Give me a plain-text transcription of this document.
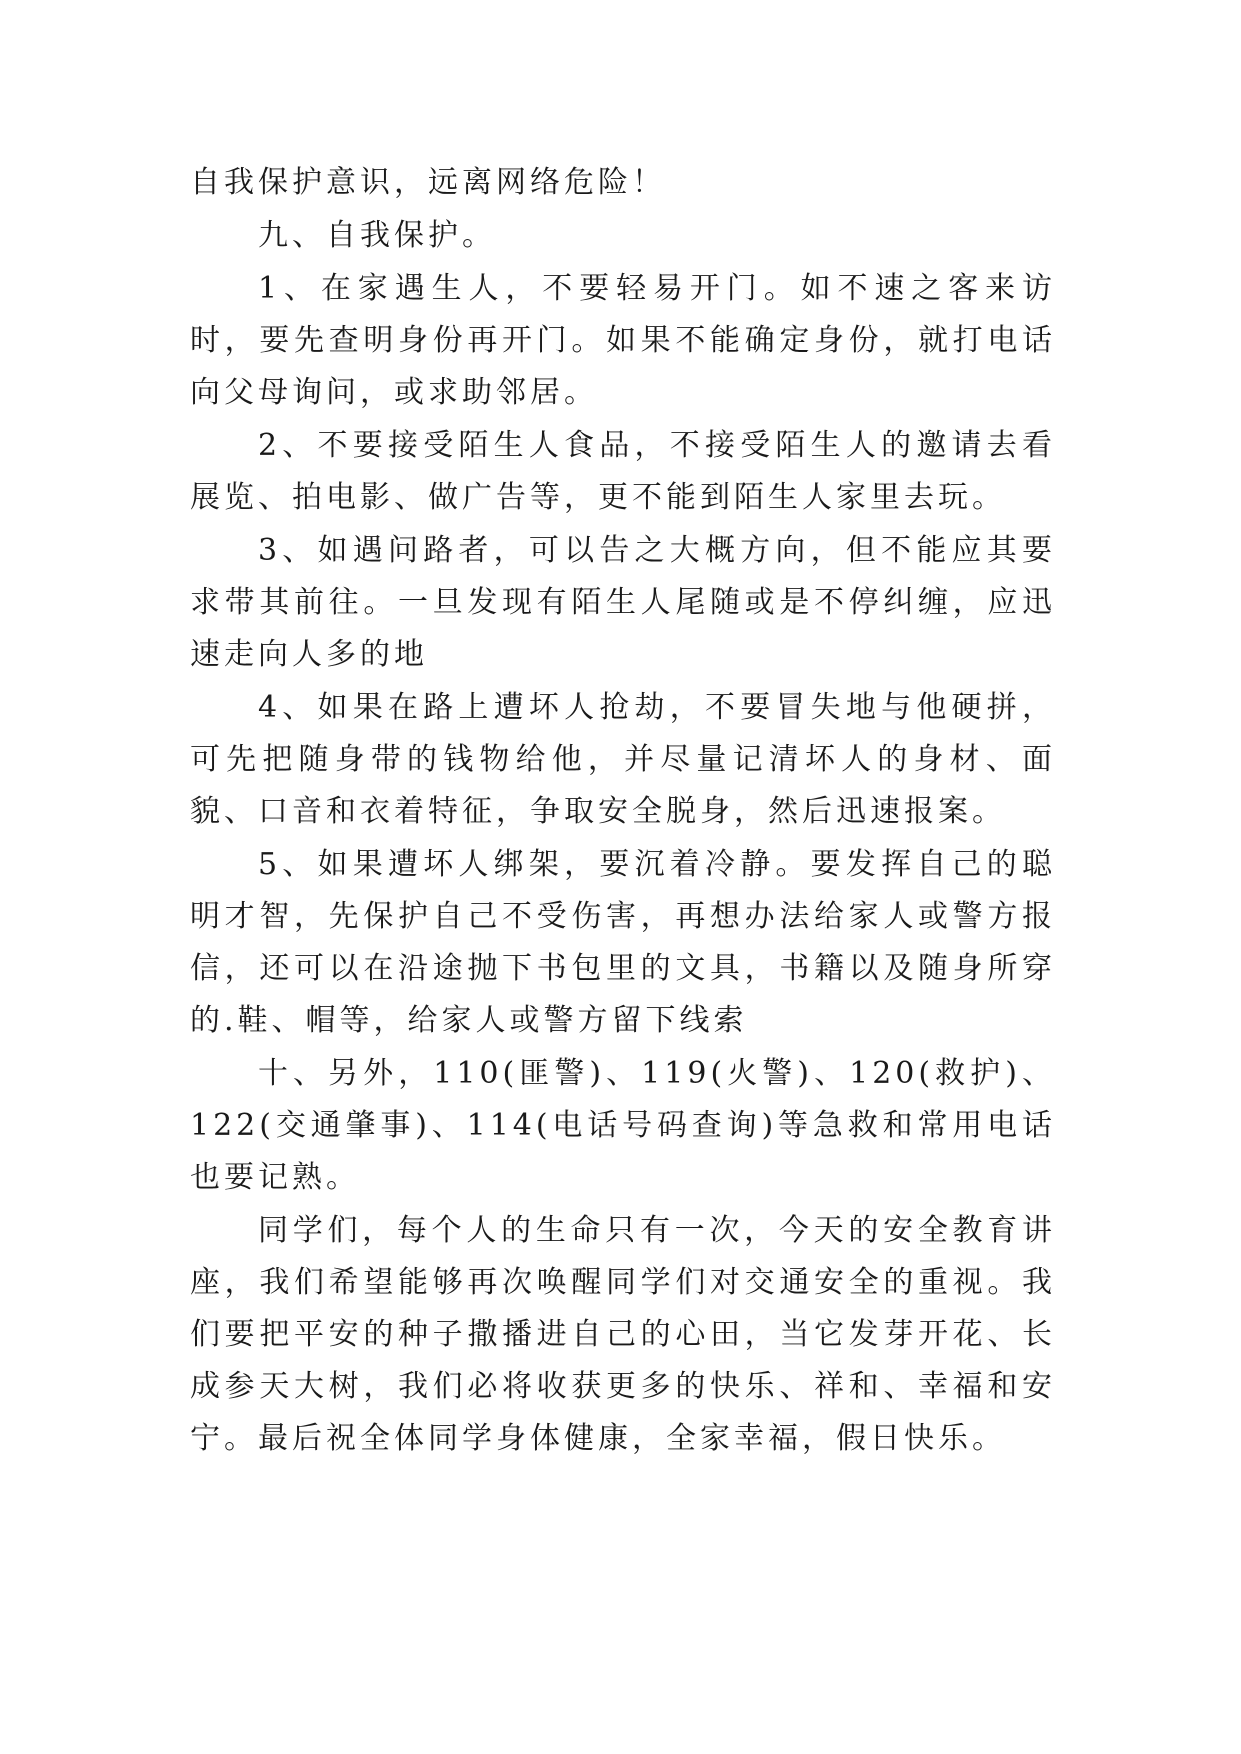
自我保护意识，远离网络危险！

九、自我保护。

1、在家遇生人，不要轻易开门。如不速之客来访时，要先查明身份再开门。如果不能确定身份，就打电话向父母询问，或求助邻居。

2、不要接受陌生人食品，不接受陌生人的邀请去看展览、拍电影、做广告等，更不能到陌生人家里去玩。

3、如遇问路者，可以告之大概方向，但不能应其要求带其前往。一旦发现有陌生人尾随或是不停纠缠，应迅速走向人多的地

4、如果在路上遭坏人抢劫，不要冒失地与他硬拼，可先把随身带的钱物给他，并尽量记清坏人的身材、面貌、口音和衣着特征，争取安全脱身，然后迅速报案。

5、如果遭坏人绑架，要沉着冷静。要发挥自己的聪明才智，先保护自己不受伤害，再想办法给家人或警方报信，还可以在沿途抛下书包里的文具，书籍以及随身所穿的.鞋、帽等，给家人或警方留下线索

十、另外，110(匪警)、119(火警)、120(救护)、122(交通肇事)、114(电话号码查询)等急救和常用电话也要记熟。

同学们，每个人的生命只有一次，今天的安全教育讲座，我们希望能够再次唤醒同学们对交通安全的重视。我们要把平安的种子撒播进自己的心田，当它发芽开花、长成参天大树，我们必将收获更多的快乐、祥和、幸福和安宁。最后祝全体同学身体健康，全家幸福，假日快乐。
